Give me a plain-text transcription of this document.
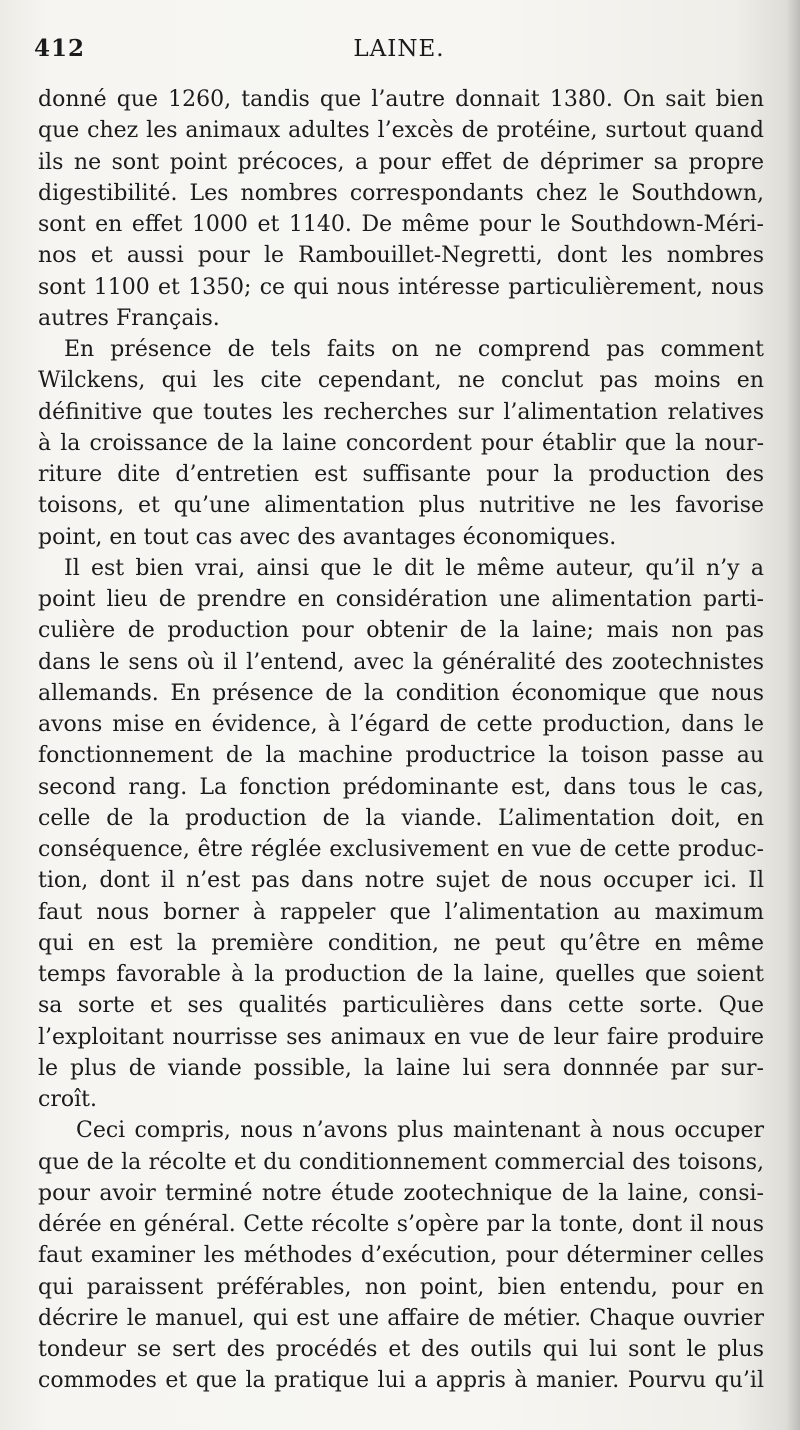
412	LAINE.
donné que 1260, tandis que l’autre donnait 1380. On sait bien
que chez les animaux adultes l’excès de protéine, surtout quand
ils ne sont point précoces, a pour effet de déprimer sa propre
digestibilité. Les nombres correspondants chez le Southdown,
sont en effet 1000 et 1140. De même pour le Southdown-Méri-
nos et aussi pour le Rambouillet-Negretti, dont les nombres
sont 1100 et 1350; ce qui nous intéresse particulièrement, nous
autres Français.
En présence de tels faits on ne comprend pas comment
Wilckens, qui les cite cependant, ne conclut pas moins en
définitive que toutes les recherches sur l’alimentation relatives
à la croissance de la laine concordent pour établir que la nour-
riture dite d’entretien est suffisante pour la production des
toisons, et qu’une alimentation plus nutritive ne les favorise
point, en tout cas avec des avantages économiques.
Il est bien vrai, ainsi que le dit le même auteur, qu’il n’y a
point lieu de prendre en considération une alimentation parti-
culière de production pour obtenir de la laine; mais non pas
dans le sens où il l’entend, avec la généralité des zootechnistes
allemands. En présence de la condition économique que nous
avons mise en évidence, à l’égard de cette production, dans le
fonctionnement de la machine productrice la toison passe au
second rang. La fonction prédominante est, dans tous le cas,
celle de la production de la viande. L’alimentation doit, en
conséquence, être réglée exclusivement en vue de cette produc-
tion, dont il n’est pas dans notre sujet de nous occuper ici. Il
faut nous borner à rappeler que l’alimentation au maximum
qui en est la première condition, ne peut qu’être en même
temps favorable à la production de la laine, quelles que soient
sa sorte et ses qualités particulières dans cette sorte. Que
l’exploitant nourrisse ses animaux en vue de leur faire produire
le plus de viande possible, la laine lui sera donnnée par sur-
croît.
Ceci compris, nous n’avons plus maintenant à nous occuper
que de la récolte et du conditionnement commercial des toisons,
pour avoir terminé notre étude zootechnique de la laine, consi-
dérée en général. Cette récolte s’opère par la tonte, dont il nous
faut examiner les méthodes d’exécution, pour déterminer celles
qui paraissent préférables, non point, bien entendu, pour en
décrire le manuel, qui est une affaire de métier. Chaque ouvrier
tondeur se sert des procédés et des outils qui lui sont le plus
commodes et que la pratique lui a appris à manier. Pourvu qu’il
